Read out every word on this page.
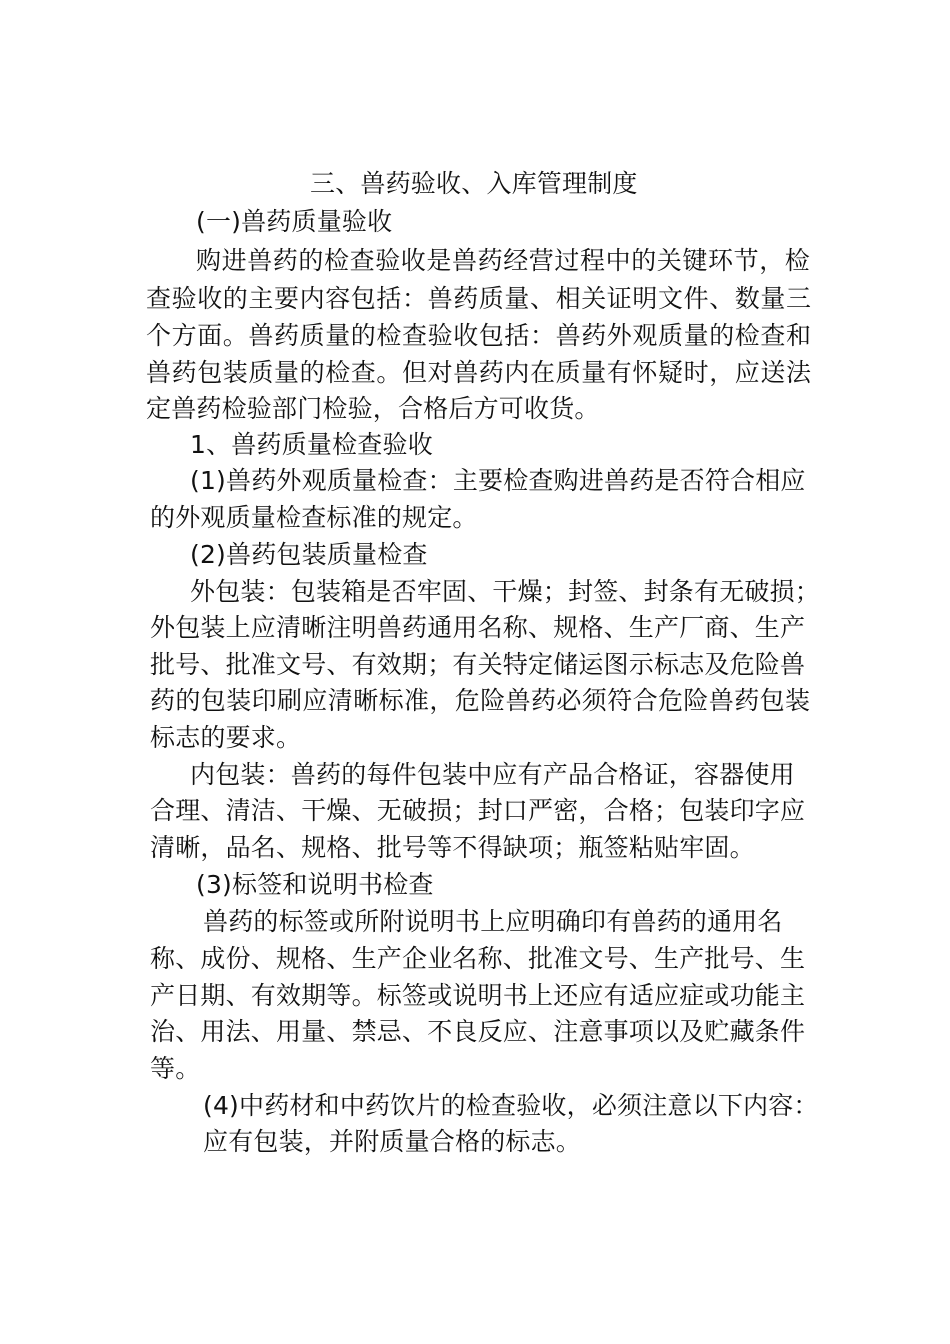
三、兽药验收、入库管理制度
(一)兽药质量验收
购进兽药的检查验收是兽药经营过程中的关键环节，检
查验收的主要内容包括：兽药质量、相关证明文件、数量三
个方面。兽药质量的检查验收包括：兽药外观质量的检查和
兽药包装质量的检查。但对兽药内在质量有怀疑时，应送法
定兽药检验部门检验，合格后方可收货。
1、兽药质量检查验收
(1)兽药外观质量检查：主要检查购进兽药是否符合相应
的外观质量检查标准的规定。
(2)兽药包装质量检查
外包装：包装箱是否牢固、干燥；封签、封条有无破损；
外包装上应清晰注明兽药通用名称、规格、生产厂商、生产
批号、批准文号、有效期；有关特定储运图示标志及危险兽
药的包装印刷应清晰标准，危险兽药必须符合危险兽药包装
标志的要求。
内包装：兽药的每件包装中应有产品合格证，容器使用
合理、清洁、干燥、无破损；封口严密，合格；包装印字应
清晰，品名、规格、批号等不得缺项；瓶签粘贴牢固。
(3)标签和说明书检查
兽药的标签或所附说明书上应明确印有兽药的通用名
称、成份、规格、生产企业名称、批准文号、生产批号、生
产日期、有效期等。标签或说明书上还应有适应症或功能主
治、用法、用量、禁忌、不良反应、注意事项以及贮藏条件
等。
(4)中药材和中药饮片的检查验收，必须注意以下内容：
应有包装，并附质量合格的标志。
